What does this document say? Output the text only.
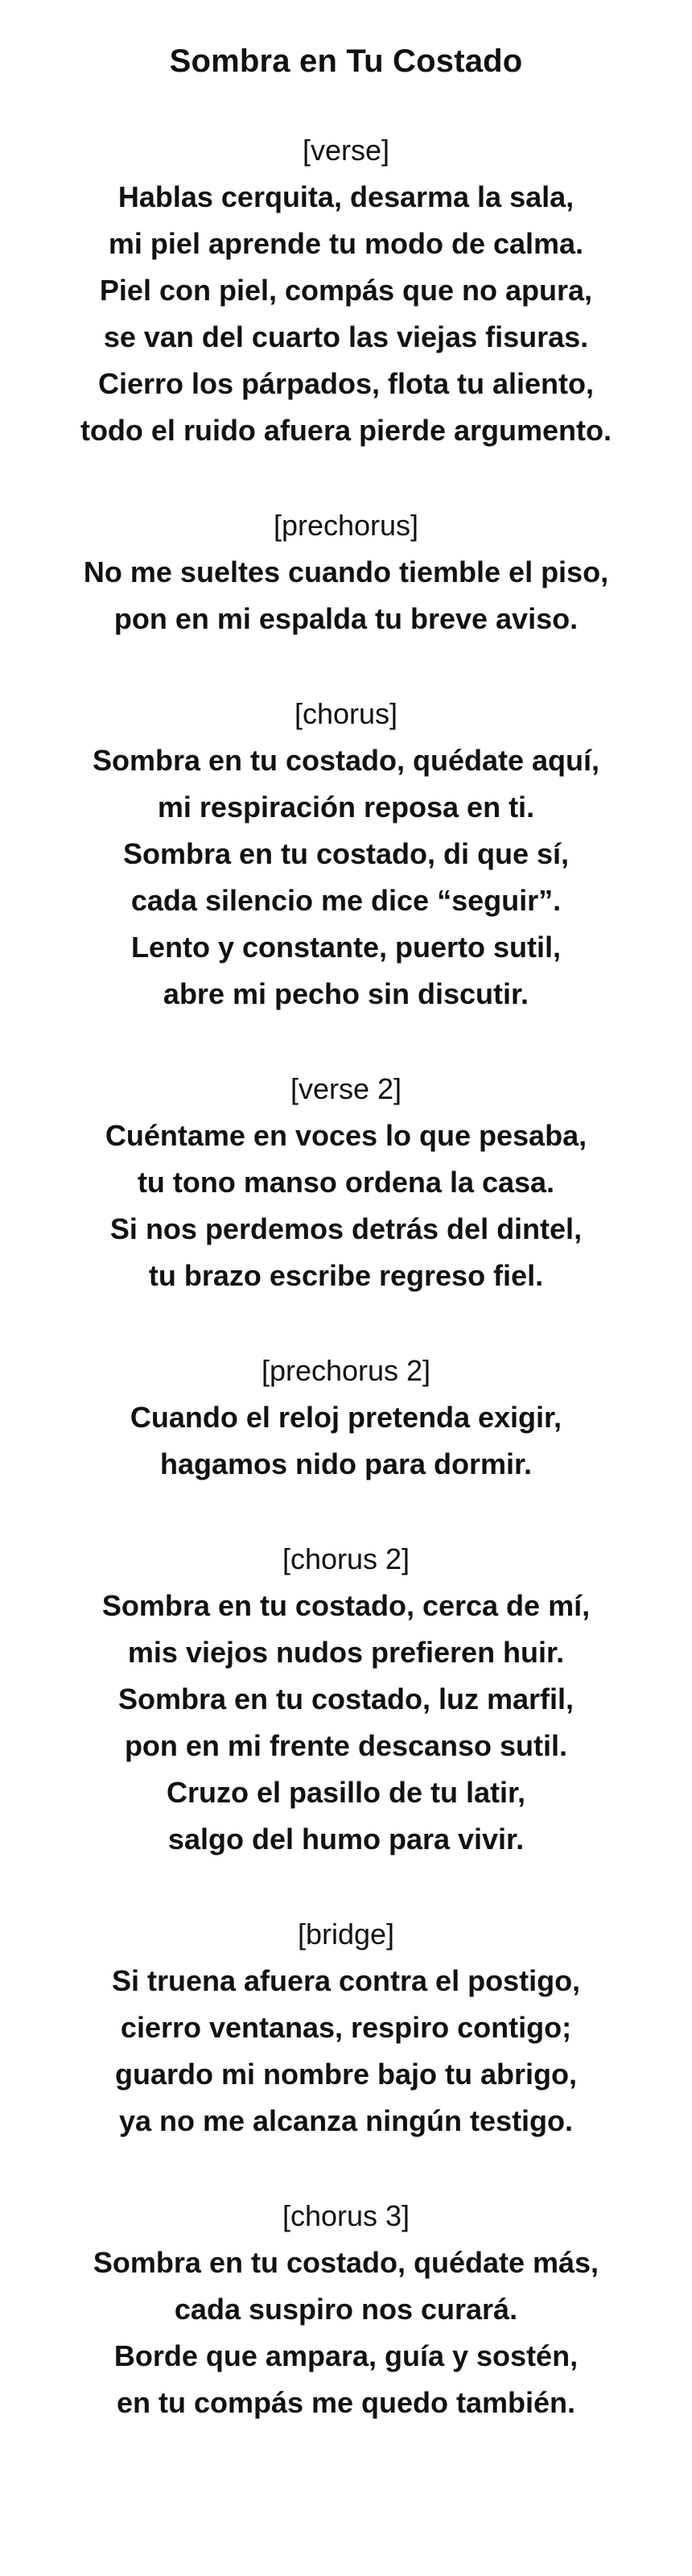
Sombra en Tu Costado
[verse]
Hablas cerquita, desarma la sala,
mi piel aprende tu modo de calma.
Piel con piel, compás que no apura,
se van del cuarto las viejas fisuras.
Cierro los párpados, flota tu aliento,
todo el ruido afuera pierde argumento.
[prechorus]
No me sueltes cuando tiemble el piso,
pon en mi espalda tu breve aviso.
[chorus]
Sombra en tu costado, quédate aquí,
mi respiración reposa en ti.
Sombra en tu costado, di que sí,
cada silencio me dice “seguir”.
Lento y constante, puerto sutil,
abre mi pecho sin discutir.
[verse 2]
Cuéntame en voces lo que pesaba,
tu tono manso ordena la casa.
Si nos perdemos detrás del dintel,
tu brazo escribe regreso fiel.
[prechorus 2]
Cuando el reloj pretenda exigir,
hagamos nido para dormir.
[chorus 2]
Sombra en tu costado, cerca de mí,
mis viejos nudos prefieren huir.
Sombra en tu costado, luz marfil,
pon en mi frente descanso sutil.
Cruzo el pasillo de tu latir,
salgo del humo para vivir.
[bridge]
Si truena afuera contra el postigo,
cierro ventanas, respiro contigo;
guardo mi nombre bajo tu abrigo,
ya no me alcanza ningún testigo.
[chorus 3]
Sombra en tu costado, quédate más,
cada suspiro nos curará.
Borde que ampara, guía y sostén,
en tu compás me quedo también.
